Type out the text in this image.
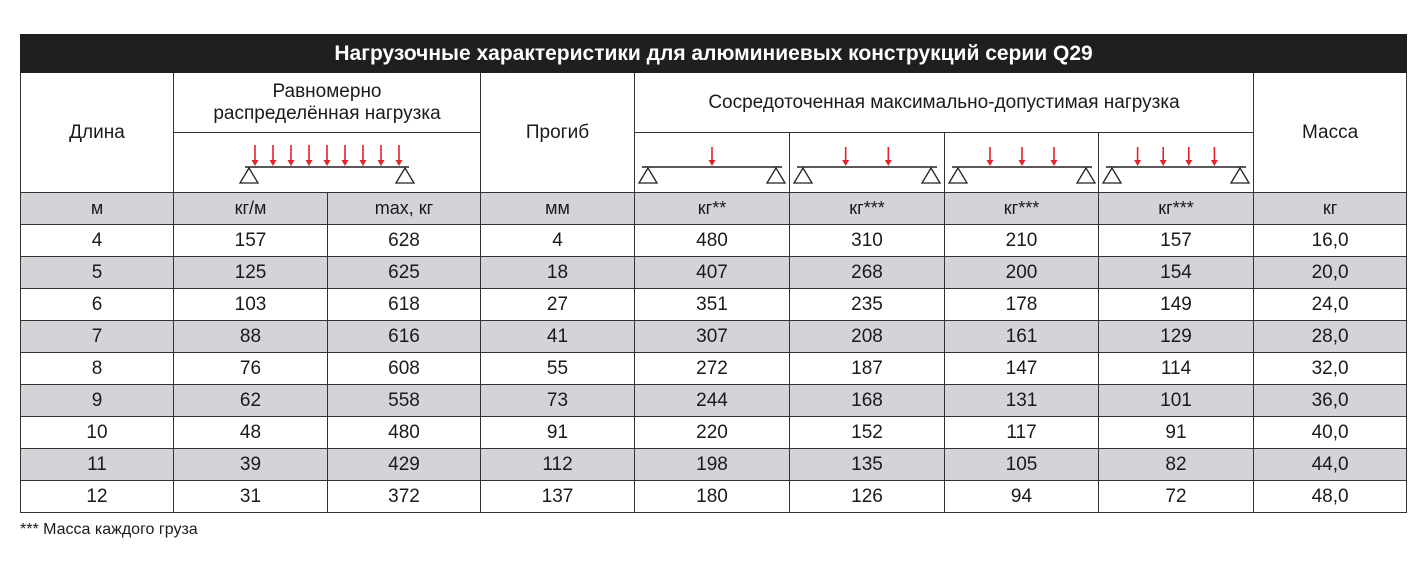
Нагрузочные характеристики для алюминиевых конструкций серии Q29								
Длина	Равномерно распределённая нагрузка		Прогиб	Сосредоточенная максимально-допустимая нагрузка				Масса

м	кг/м	max, кг	мм	кг**	кг***	кг***	кг***	кг
4	157	628	4	480	310	210	157	16,0
5	125	625	18	407	268	200	154	20,0
6	103	618	27	351	235	178	149	24,0
7	88	616	41	307	208	161	129	28,0
8	76	608	55	272	187	147	114	32,0
9	62	558	73	244	168	131	101	36,0
10	48	480	91	220	152	117	91	40,0
11	39	429	112	198	135	105	82	44,0
12	31	372	137	180	126	94	72	48,0
*** Масса каждого груза
